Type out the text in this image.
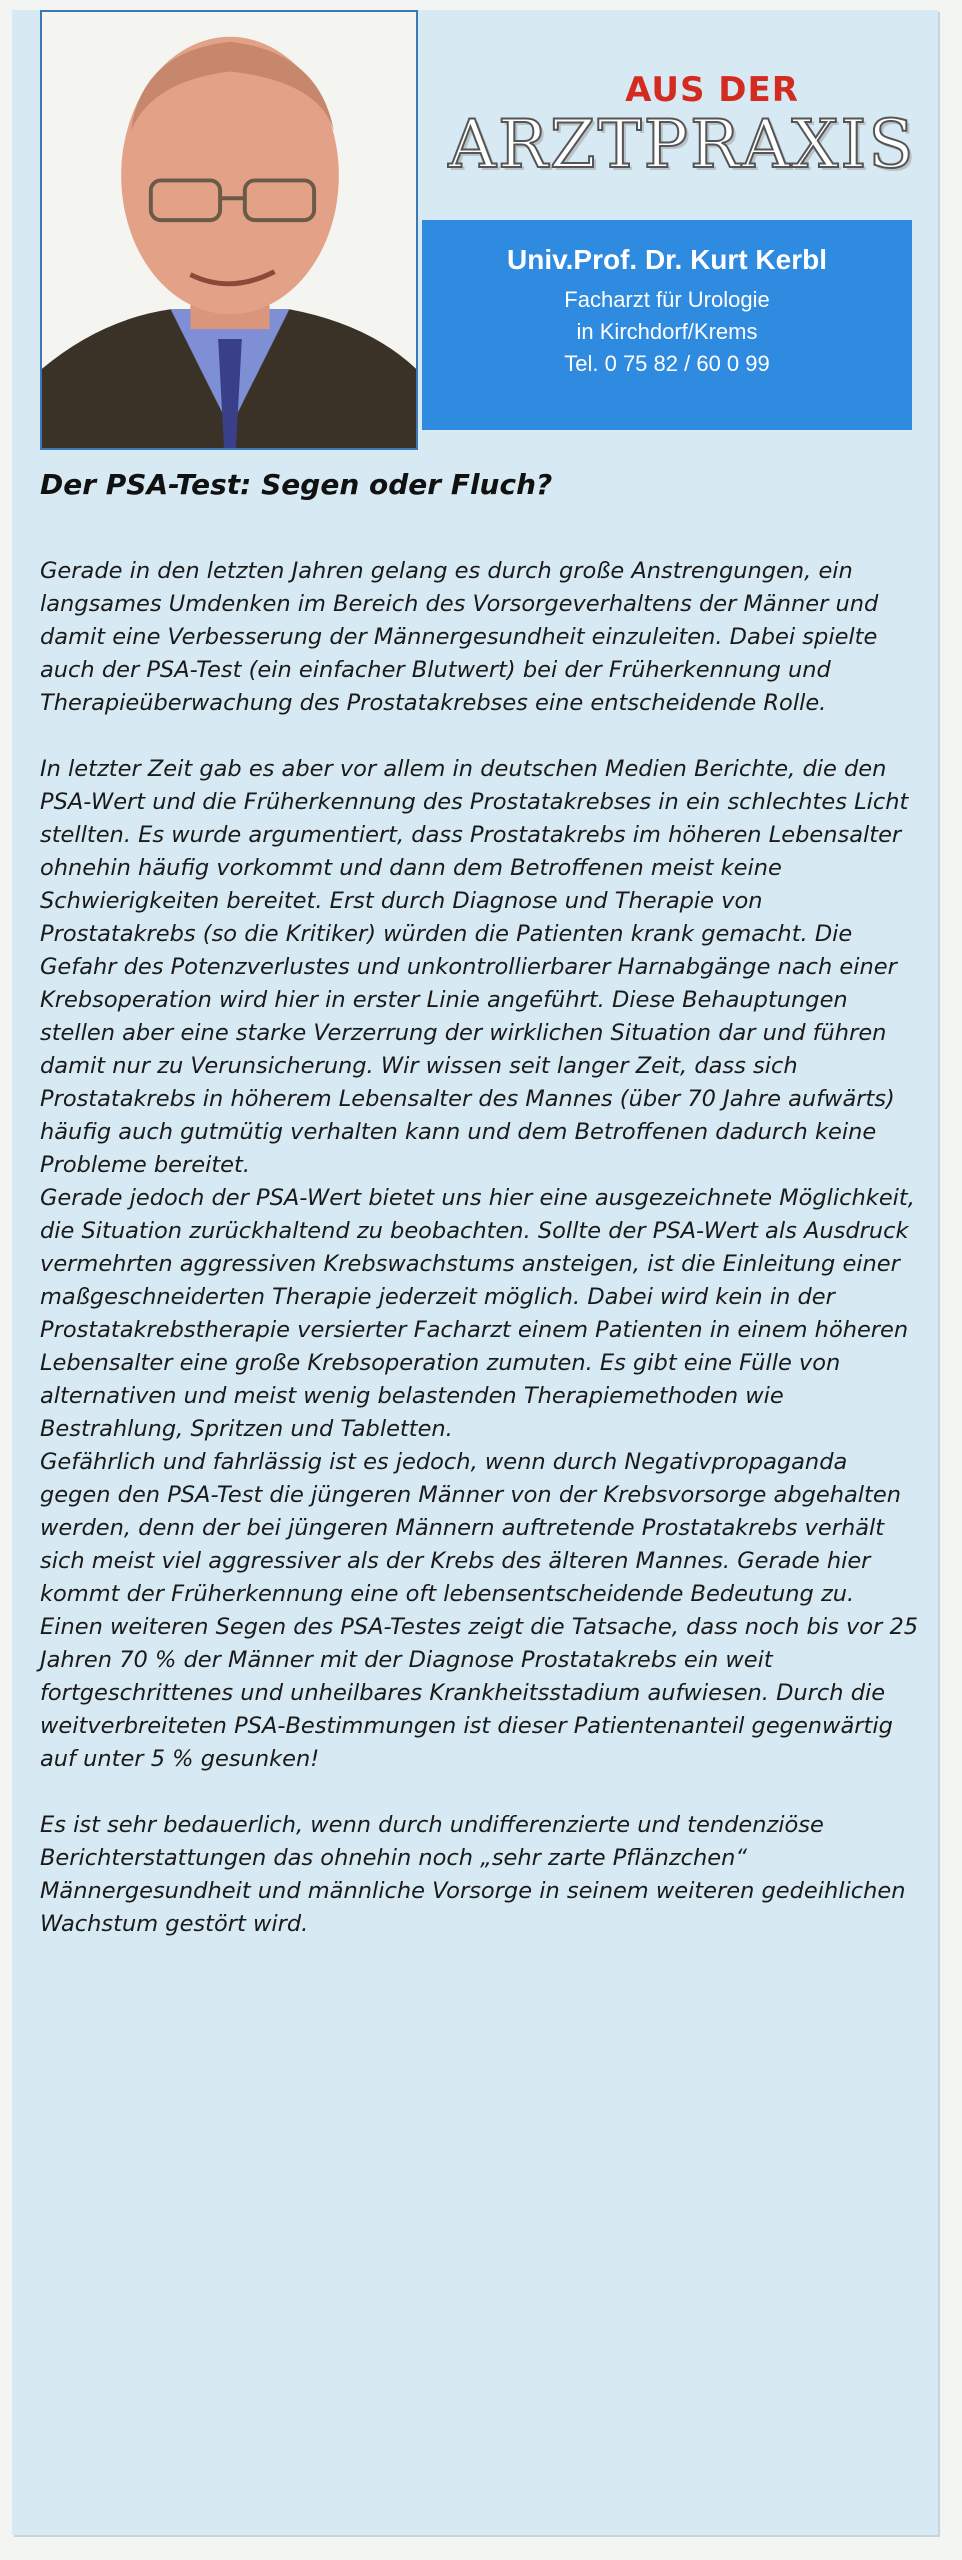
AUS DER
ARZTPRAXIS
Univ.Prof. Dr. Kurt Kerbl
Facharzt für Urologie
in Kirchdorf/Krems
Tel. 0 75 82 / 60 0 99
Der PSA-Test: Segen oder Fluch?

Gerade in den letzten Jahren gelang es durch große Anstrengungen, ein langsames Umdenken im Bereich des Vorsorgeverhaltens der Männer und damit eine Verbesserung der Männergesundheit einzuleiten. Dabei spielte auch der PSA-Test (ein einfacher Blutwert) bei der Früherkennung und Therapieüberwachung des Prostatakrebses eine entscheidende Rolle.

In letzter Zeit gab es aber vor allem in deutschen Medien Berichte, die den PSA-Wert und die Früherkennung des Prostatakrebses in ein schlechtes Licht stellten. Es wurde argumentiert, dass Prostatakrebs im höheren Lebensalter ohnehin häufig vorkommt und dann dem Betroffenen meist keine Schwierigkeiten bereitet. Erst durch Diagnose und Therapie von Prostatakrebs (so die Kritiker) würden die Patienten krank gemacht. Die Gefahr des Potenzverlustes und unkontrollierbarer Harnabgänge nach einer Krebsoperation wird hier in erster Linie angeführt. Diese Behauptungen stellen aber eine starke Verzerrung der wirklichen Situation dar und führen damit nur zu Verunsicherung. Wir wissen seit langer Zeit, dass sich Prostatakrebs in höherem Lebensalter des Mannes (über 70 Jahre aufwärts) häufig auch gutmütig verhalten kann und dem Betroffenen dadurch keine Probleme bereitet.

Gerade jedoch der PSA-Wert bietet uns hier eine ausgezeichnete Möglichkeit, die Situation zurückhaltend zu beobachten. Sollte der PSA-Wert als Ausdruck vermehrten aggressiven Krebswachstums ansteigen, ist die Einleitung einer maßgeschneiderten Therapie jederzeit möglich. Dabei wird kein in der Prostatakrebstherapie versierter Facharzt einem Patienten in einem höheren Lebensalter eine große Krebsoperation zumuten. Es gibt eine Fülle von alternativen und meist wenig belastenden Therapiemethoden wie Bestrahlung, Spritzen und Tabletten.

Gefährlich und fahrlässig ist es jedoch, wenn durch Negativpropaganda gegen den PSA-Test die jüngeren Männer von der Krebsvorsorge abgehalten werden, denn der bei jüngeren Männern auftretende Prostatakrebs verhält sich meist viel aggressiver als der Krebs des älteren Mannes. Gerade hier kommt der Früherkennung eine oft lebensentscheidende Bedeutung zu. Einen weiteren Segen des PSA-Testes zeigt die Tatsache, dass noch bis vor 25 Jahren 70 % der Männer mit der Diagnose Prostatakrebs ein weit fortgeschrittenes und unheilbares Krankheitsstadium aufwiesen. Durch die weitverbreiteten PSA-Bestimmungen ist dieser Patientenanteil gegenwärtig auf unter 5 % gesunken!

Es ist sehr bedauerlich, wenn durch undifferenzierte und tendenziöse Berichterstattungen das ohnehin noch „sehr zarte Pflänzchen“ Männergesundheit und männliche Vorsorge in seinem weiteren gedeihlichen Wachstum gestört wird.
